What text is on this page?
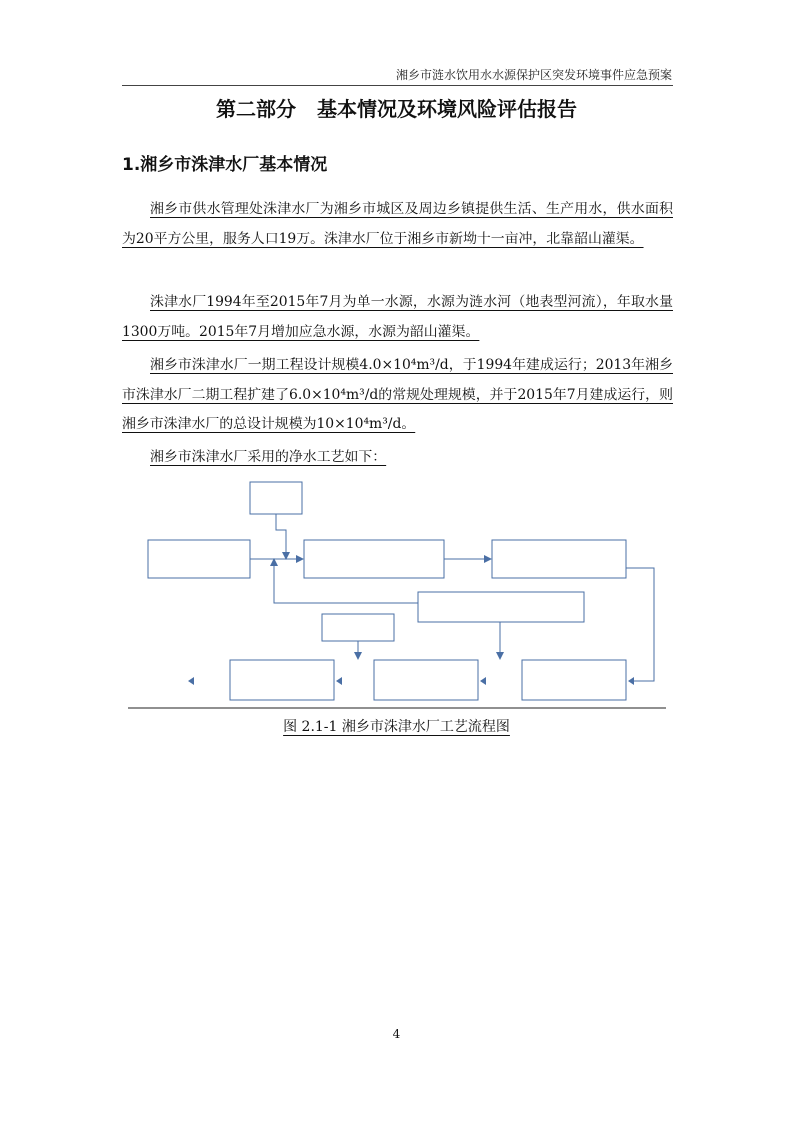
湘乡市涟水饮用水水源保护区突发环境事件应急预案
第二部分 基本情况及环境风险评估报告
1.湘乡市洙津水厂基本情况
湘乡市供水管理处洙津水厂为湘乡市城区及周边乡镇提供生活、生产用水，供水面积为20平方公里，服务人口19万。洙津水厂位于湘乡市新坳十一亩冲，北靠韶山灌渠。
洙津水厂1994年至2015年7月为单一水源，水源为涟水河（地表型河流），年取水量1300万吨。2015年7月增加应急水源，水源为韶山灌渠。
湘乡市洙津水厂一期工程设计规模4.0×10⁴m³/d，于1994年建成运行；2013年湘乡市洙津水厂二期工程扩建了6.0×10⁴m³/d的常规处理规模，并于2015年7月建成运行，则湘乡市洙津水厂的总设计规模为10×10⁴m³/d。
湘乡市洙津水厂采用的净水工艺如下：
图 2.1-1 湘乡市洙津水厂工艺流程图
4
